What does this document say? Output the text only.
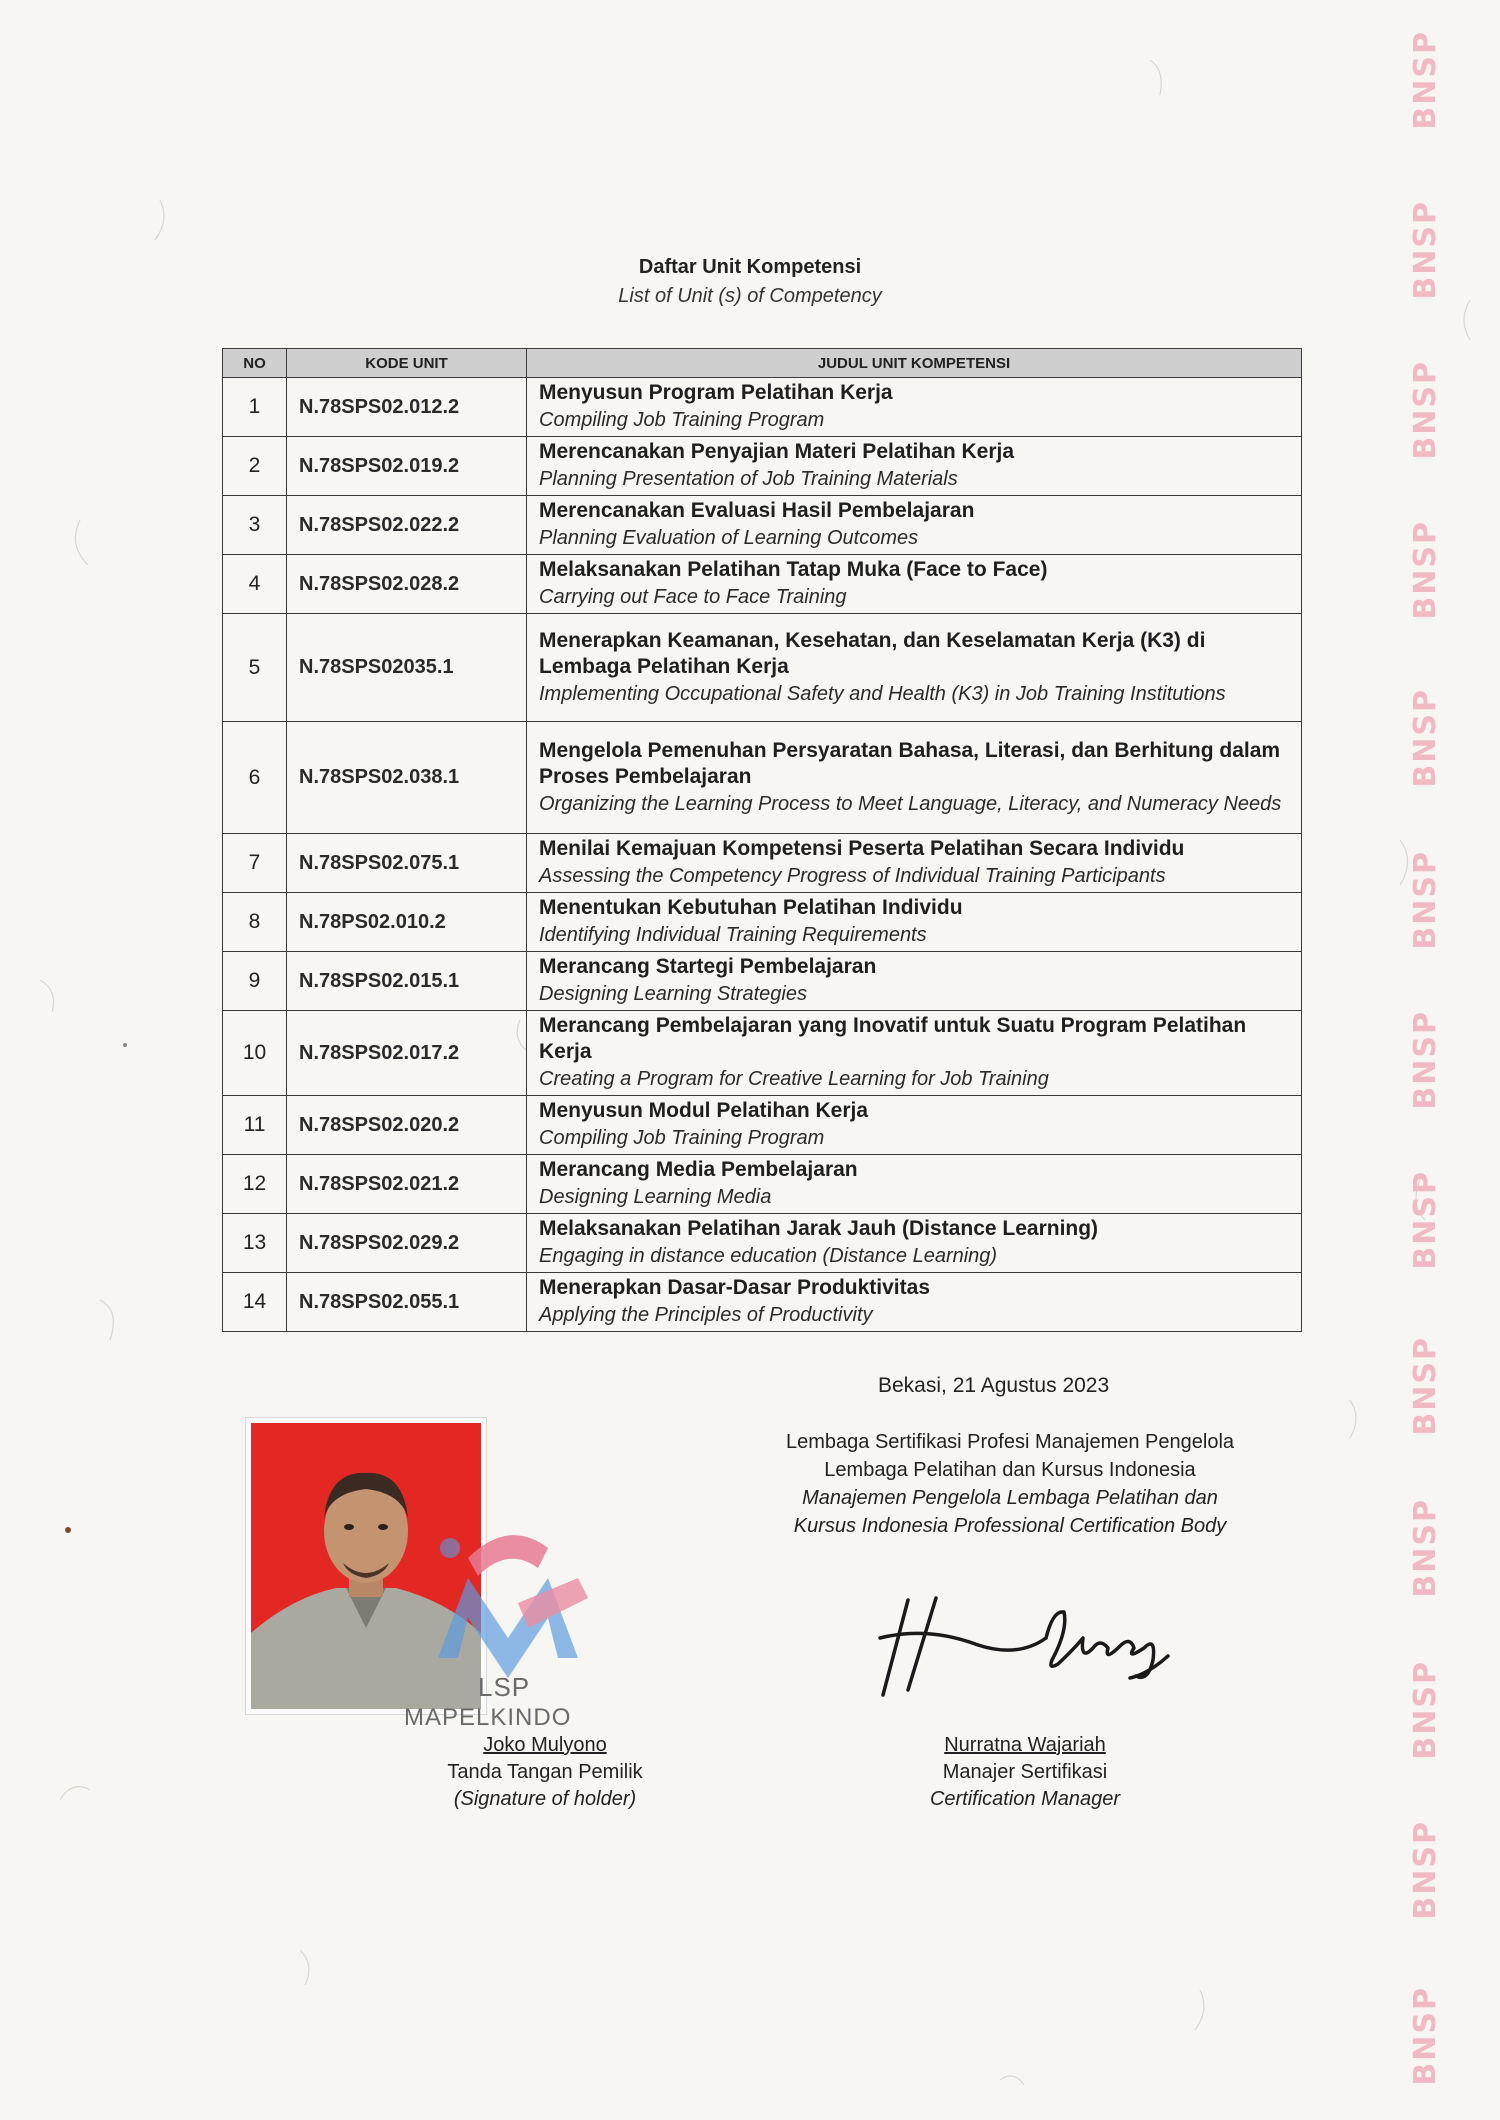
BNSP
BNSP
BNSP
BNSP
BNSP
BNSP
BNSP
BNSP
BNSP
BNSP
BNSP
BNSP
BNSP
Daftar Unit Kompetensi
List of Unit (s) of Competency
NO	KODE UNIT	JUDUL UNIT KOMPETENSI
1	N.78SPS02.012.2	Menyusun Program Pelatihan Kerja
Compiling Job Training Program

2	N.78SPS02.019.2	Merencanakan Penyajian Materi Pelatihan Kerja
Planning Presentation of Job Training Materials

3	N.78SPS02.022.2	Merencanakan Evaluasi Hasil Pembelajaran
Planning Evaluation of Learning Outcomes

4	N.78SPS02.028.2	Melaksanakan Pelatihan Tatap Muka (Face to Face)
Carrying out Face to Face Training

5	N.78SPS02035.1	Menerapkan Keamanan, Kesehatan, dan Keselamatan Kerja (K3) di Lembaga Pelatihan Kerja
Implementing Occupational Safety and Health (K3) in Job Training Institutions

6	N.78SPS02.038.1	Mengelola Pemenuhan Persyaratan Bahasa, Literasi, dan Berhitung dalam Proses Pembelajaran
Organizing the Learning Process to Meet Language, Literacy, and Numeracy Needs

7	N.78SPS02.075.1	Menilai Kemajuan Kompetensi Peserta Pelatihan Secara Individu
Assessing the Competency Progress of Individual Training Participants

8	N.78PS02.010.2	Menentukan Kebutuhan Pelatihan Individu
Identifying Individual Training Requirements

9	N.78SPS02.015.1	Merancang Startegi Pembelajaran
Designing Learning Strategies

10	N.78SPS02.017.2	Merancang Pembelajaran yang Inovatif untuk Suatu Program Pelatihan Kerja
Creating a Program for Creative Learning for Job Training

11	N.78SPS02.020.2	Menyusun Modul Pelatihan Kerja
Compiling Job Training Program

12	N.78SPS02.021.2	Merancang Media Pembelajaran
Designing Learning Media

13	N.78SPS02.029.2	Melaksanakan Pelatihan Jarak Jauh (Distance Learning)
Engaging in distance education (Distance Learning)

14	N.78SPS02.055.1	Menerapkan Dasar-Dasar Produktivitas
Applying the Principles of Productivity
Bekasi, 21 Agustus 2023
Lembaga Sertifikasi Profesi Manajemen Pengelola
Lembaga Pelatihan dan Kursus Indonesia
Manajemen Pengelola Lembaga Pelatihan dan
Kursus Indonesia Professional Certification Body
LSP
MAPELKINDO
Joko Mulyono
Tanda Tangan Pemilik
(Signature of holder)
Nurratna Wajariah
Manajer Sertifikasi
Certification Manager
